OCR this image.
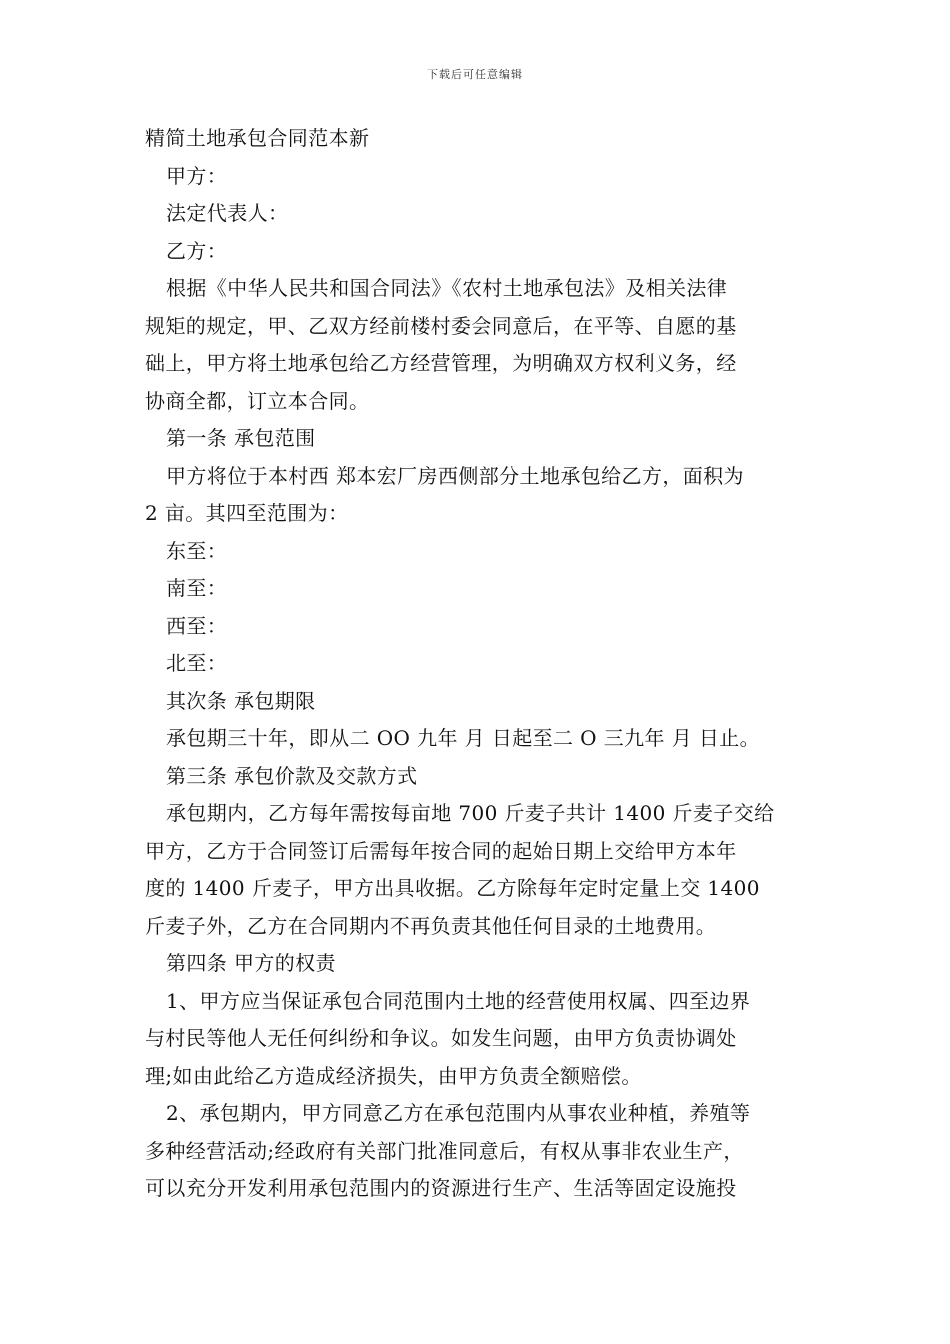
下载后可任意编辑
精简土地承包合同范本新
甲方：
法定代表人：
乙方：
根据《中华人民共和国合同法》《农村土地承包法》及相关法律
规矩的规定，甲、乙双方经前楼村委会同意后，在平等、自愿的基
础上，甲方将土地承包给乙方经营管理，为明确双方权利义务，经
协商全都，订立本合同。
第一条 承包范围
甲方将位于本村西 郑本宏厂房西侧部分土地承包给乙方，面积为
2 亩。其四至范围为：
东至：
南至：
西至：
北至：
其次条 承包期限
承包期三十年，即从二 OO 九年 月 日起至二 O 三九年 月 日止。
第三条 承包价款及交款方式
承包期内，乙方每年需按每亩地 700 斤麦子共计 1400 斤麦子交给
甲方，乙方于合同签订后需每年按合同的起始日期上交给甲方本年
度的 1400 斤麦子，甲方出具收据。乙方除每年定时定量上交 1400
斤麦子外，乙方在合同期内不再负责其他任何目录的土地费用。
第四条 甲方的权责
1、甲方应当保证承包合同范围内土地的经营使用权属、四至边界
与村民等他人无任何纠纷和争议。如发生问题，由甲方负责协调处
理;如由此给乙方造成经济损失，由甲方负责全额赔偿。
2、承包期内，甲方同意乙方在承包范围内从事农业种植，养殖等
多种经营活动;经政府有关部门批准同意后，有权从事非农业生产，
可以充分开发利用承包范围内的资源进行生产、生活等固定设施投
